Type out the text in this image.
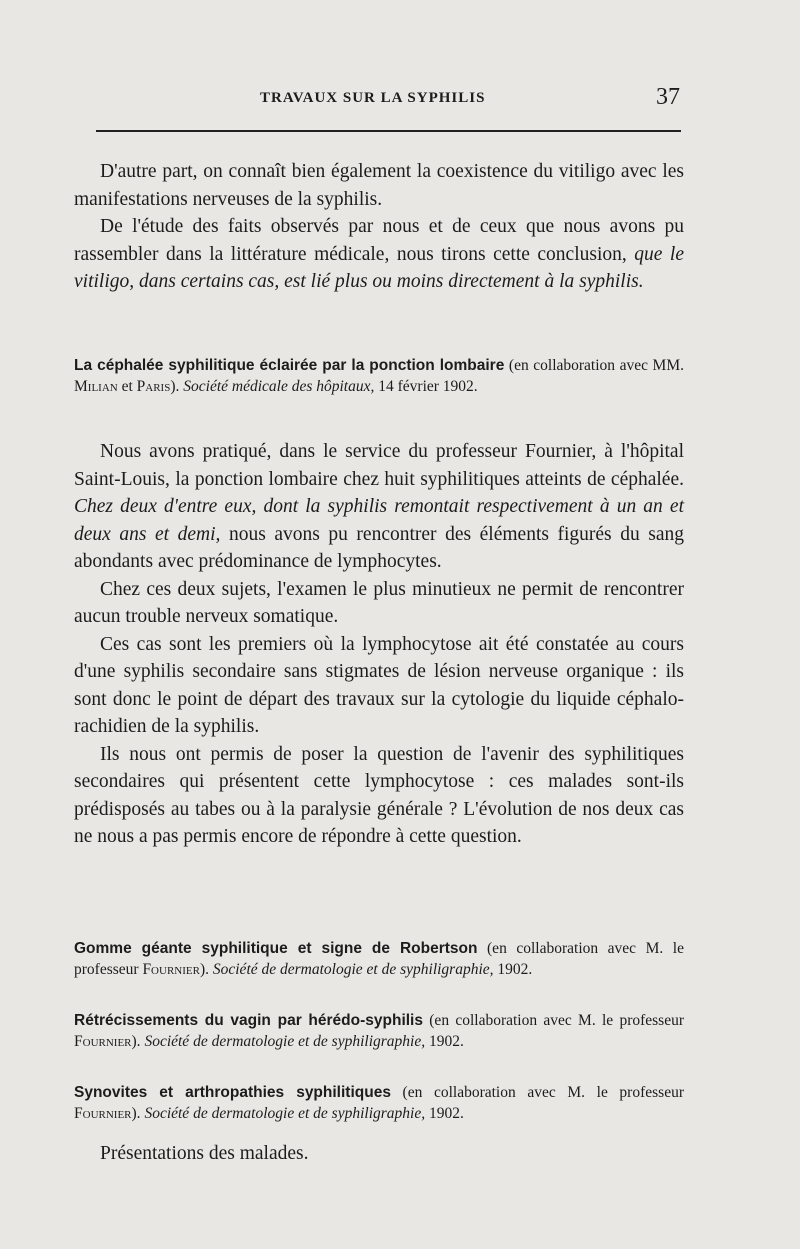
TRAVAUX SUR LA SYPHILIS	37

D'autre part, on connaît bien également la coexistence du vitiligo avec les manifestations nerveuses de la syphilis.

De l'étude des faits observés par nous et de ceux que nous avons pu rassembler dans la littérature médicale, nous tirons cette conclusion, que le vitiligo, dans certains cas, est lié plus ou moins directement à la syphilis.

La céphalée syphilitique éclairée par la ponction lombaire (en collaboration avec MM. Milian et Paris). Société médicale des hôpitaux, 14 février 1902.

Nous avons pratiqué, dans le service du professeur Fournier, à l'hôpital Saint-Louis, la ponction lombaire chez huit syphilitiques atteints de céphalée. Chez deux d'entre eux, dont la syphilis remontait respectivement à un an et deux ans et demi, nous avons pu rencontrer des éléments figurés du sang abondants avec prédominance de lymphocytes.

Chez ces deux sujets, l'examen le plus minutieux ne permit de rencontrer aucun trouble nerveux somatique.

Ces cas sont les premiers où la lymphocytose ait été constatée au cours d'une syphilis secondaire sans stigmates de lésion nerveuse organique : ils sont donc le point de départ des travaux sur la cytologie du liquide céphalo-rachidien de la syphilis.

Ils nous ont permis de poser la question de l'avenir des syphilitiques secondaires qui présentent cette lymphocytose : ces malades sont-ils prédisposés au tabes ou à la paralysie générale ? L'évolution de nos deux cas ne nous a pas permis encore de répondre à cette question.

Gomme géante syphilitique et signe de Robertson (en collaboration avec M. le professeur Fournier). Société de dermatologie et de syphiligraphie, 1902.
Rétrécissements du vagin par hérédo-syphilis (en collaboration avec M. le professeur Fournier). Société de dermatologie et de syphiligraphie, 1902.
Synovites et arthropathies syphilitiques (en collaboration avec M. le professeur Fournier). Société de dermatologie et de syphiligraphie, 1902.

Présentations des malades.
